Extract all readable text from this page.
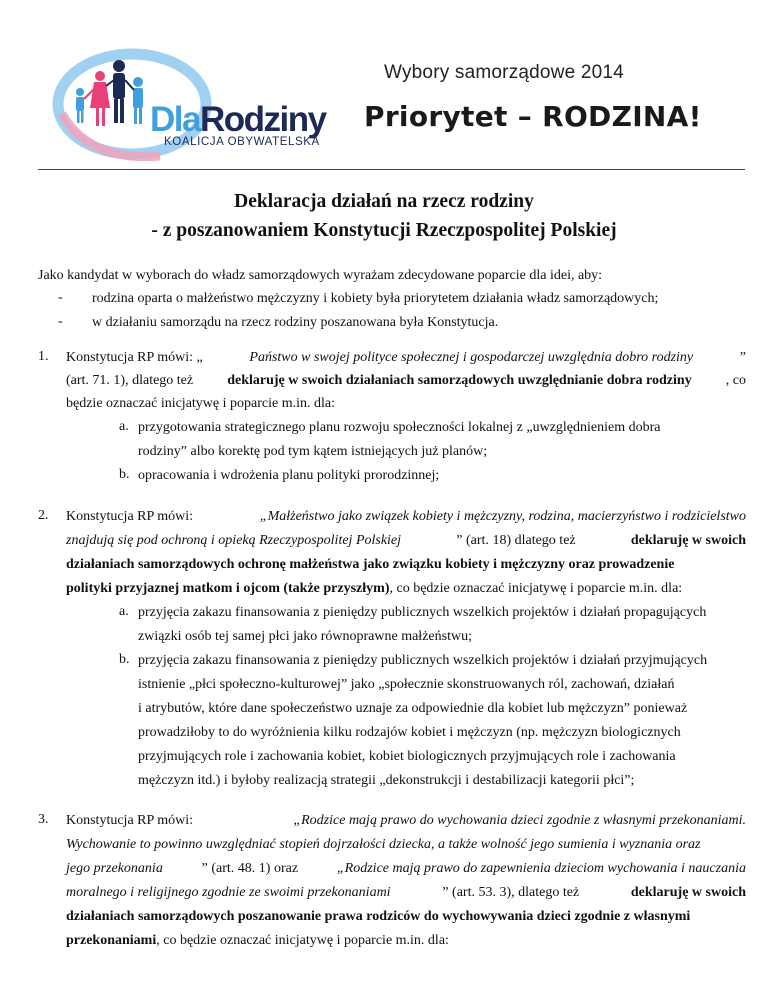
DlaRodziny
KOALICJA OBYWATELSKA
Wybory samorządowe 2014
Priorytet – RODZINA!
Deklaracja działań na rzecz rodziny
- z poszanowaniem Konstytucji Rzeczpospolitej Polskiej
Jako kandydat w wyborach do władz samorządowych wyrażam zdecydowane poparcie dla idei, aby:
- rodzina oparta o małżeństwo mężczyzny i kobiety była priorytetem działania władz samorządowych;
- w działaniu samorządu na rzecz rodziny poszanowana była Konstytucja.
1. Konstytucja RP mówi: „	Państwo w swojej polityce społecznej i gospodarczej uwzględnia dobro rodziny	”
(art. 71. 1), dlatego też deklaruję w swoich działaniach samorządowych uwzględnianie dobra rodziny , co
będzie oznaczać inicjatywę i poparcie m.in. dla:
a. przygotowania strategicznego planu rozwoju społeczności lokalnej z „uwzględnieniem dobra
rodziny” albo korektę pod tym kątem istniejących już planów;
b. opracowania i wdrożenia planu polityki prorodzinnej;
2. Konstytucja RP mówi:	„Małżeństwo jako związek kobiety i mężczyzny, rodzina, macierzyństwo i rodzicielstwo
znajdują się pod ochroną i opieką Rzeczypospolitej Polskiej	” (art. 18) dlatego też	deklaruję w swoich
działaniach samorządowych ochronę małżeństwa jako związku kobiety i mężczyzny oraz prowadzenie
polityki przyjaznej matkom i ojcom (także przyszłym), co będzie oznaczać inicjatywę i poparcie m.in. dla:
a. przyjęcia zakazu finansowania z pieniędzy publicznych wszelkich projektów i działań propagujących
związki osób tej samej płci jako równoprawne małżeństwu;
b. przyjęcia zakazu finansowania z pieniędzy publicznych wszelkich projektów i działań przyjmujących
istnienie „płci społeczno-kulturowej” jako „społecznie skonstruowanych ról, zachowań, działań
i atrybutów, które dane społeczeństwo uznaje za odpowiednie dla kobiet lub mężczyzn” ponieważ
prowadziłoby to do wyróżnienia kilku rodzajów kobiet i mężczyzn (np. mężczyzn biologicznych
przyjmujących role i zachowania kobiet, kobiet biologicznych przyjmujących role i zachowania
mężczyzn itd.) i byłoby realizacją strategii „dekonstrukcji i destabilizacji kategorii płci”;
3. Konstytucja RP mówi:	„Rodzice mają prawo do wychowania dzieci zgodnie z własnymi przekonaniami.
Wychowanie to powinno uwzględniać stopień dojrzałości dziecka, a także wolność jego sumienia i wyznania oraz
jego przekonania	” (art. 48. 1) oraz	„Rodzice mają prawo do zapewnienia dzieciom wychowania i nauczania
moralnego i religijnego zgodnie ze swoimi przekonaniami	” (art. 53. 3), dlatego też	deklaruję w swoich
działaniach samorządowych poszanowanie prawa rodziców do wychowywania dzieci zgodnie z własnymi
przekonaniami, co będzie oznaczać inicjatywę i poparcie m.in. dla:
